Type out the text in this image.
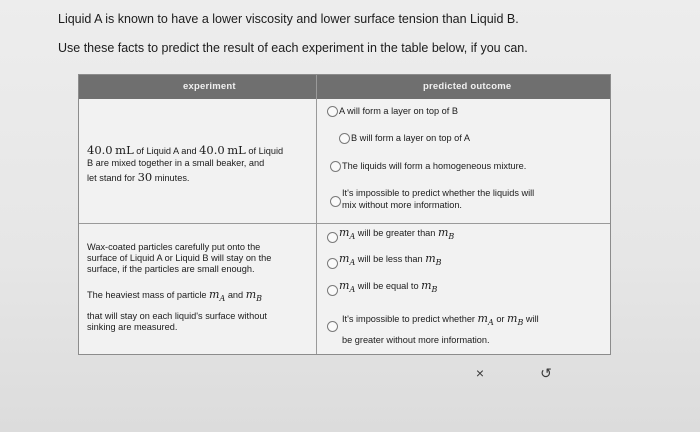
Liquid A is known to have a lower viscosity and lower surface tension than Liquid B.
Use these facts to predict the result of each experiment in the table below, if you can.
experiment	predicted outcome
40.0 mL of Liquid A and 40.0 mL of Liquid
B are mixed together in a small beaker, and
let stand for 30 minutes.
A will form a layer on top of B
B will form a layer on top of A
The liquids will form a homogeneous mixture.
It's impossible to predict whether the liquids will
mix without more information.
Wax-coated particles carefully put onto the
surface of Liquid A or Liquid B will stay on the
surface, if the particles are small enough.
The heaviest mass of particle mA and mB
that will stay on each liquid's surface without
sinking are measured.
mA will be greater than mB
mA will be less than mB
mA will be equal to mB
It's impossible to predict whether mA or mB will
be greater without more information.
×	↺
